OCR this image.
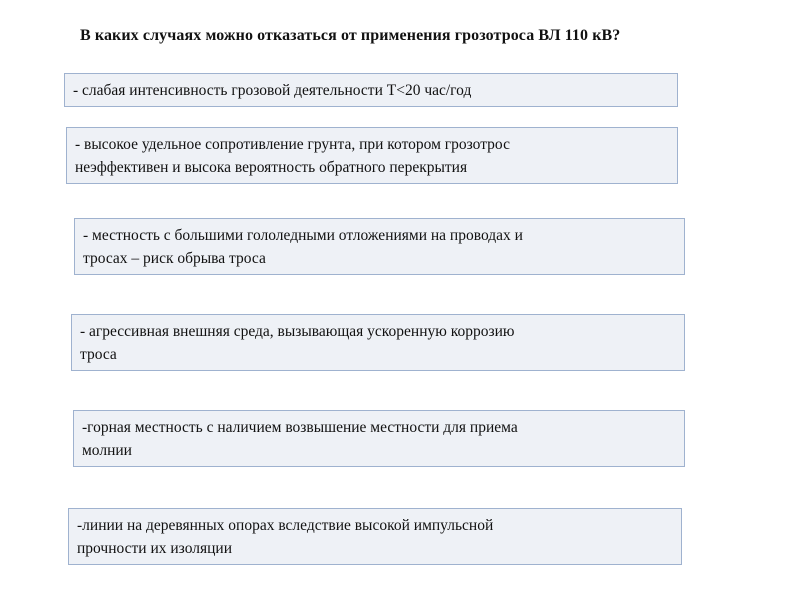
В каких случаях можно отказаться от применения грозотроса ВЛ 110 кВ?
- слабая интенсивность грозовой деятельности Т<20 час/год
- высокое удельное сопротивление грунта, при котором грозотрос
неэффективен и высока вероятность обратного перекрытия
- местность с большими гололедными отложениями на проводах и
тросах – риск обрыва троса
- агрессивная внешняя среда, вызывающая ускоренную коррозию
троса
-горная местность с наличием возвышение местности для приема
молнии
-линии на деревянных опорах вследствие высокой импульсной
прочности их изоляции
